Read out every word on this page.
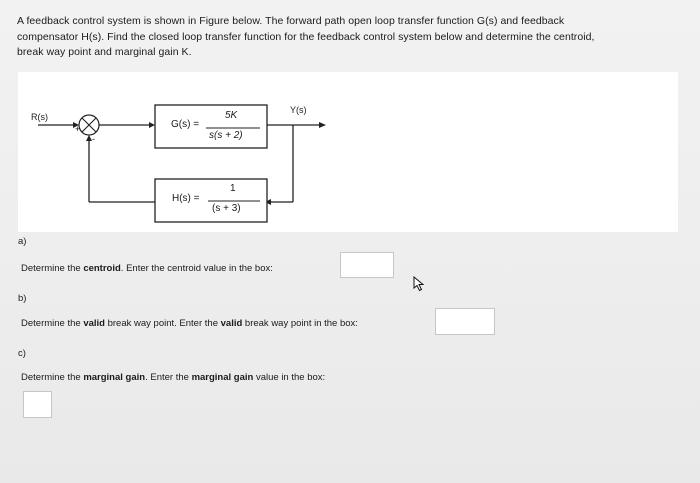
A feedback control system is shown in Figure below. The forward path open loop transfer function G(s) and feedback

compensator H(s). Find the closed loop transfer function for the feedback control system below and determine the centroid,

break way point and marginal gain K.

R(s)
Y(s)
+
-
G(s) =
5K
s(s + 2)
H(s) =
1
(s + 3)
a)
Determine the centroid. Enter the centroid value in the box:
b)
Determine the valid break way point. Enter the valid break way point in the box:
c)
Determine the marginal gain. Enter the marginal gain value in the box:
